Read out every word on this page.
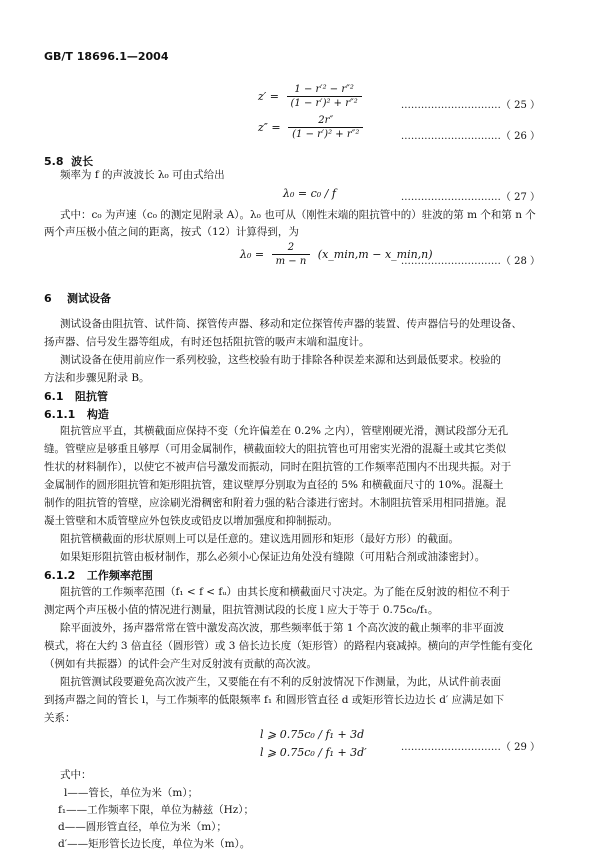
GB/T 18696.1—2004
$z' = \frac{\text{1 − r′² − r″²}}{\text{(1 − r′)² + r″²}}$	…………………………（ 25 ）
$z'' = \frac{2r''}{\text{(1 − r′)² + r″²}}$	…………………………（ 26 ）
5.8 波长
频率为 f 的声波波长 λ₀ 可由式给出
λ₀ = c₀ / f	…………………………（ 27 ）
式中：c₀ 为声速（c₀ 的测定见附录 A）。λ₀ 也可从（刚性末端的阻抗管中的）驻波的第 m 个和第 n 个
两个声压极小值之间的距离，按式（12）计算得到，为
$\lambda_0 = \frac{2}{m - n}$ (x_min,m − x_min,n)
…………………………（ 28 ）
6 测试设备
测试设备由阻抗管、试件筒、探管传声器、移动和定位探管传声器的装置、传声器信号的处理设备、
扬声器、信号发生器等组成，有时还包括阻抗管的吸声末端和温度计。
测试设备在使用前应作一系列校验，这些校验有助于排除各种误差来源和达到最低要求。校验的
方法和步骤见附录 B。
6.1 阻抗管
6.1.1 构造
阻抗管应平直，其横截面应保持不变（允许偏差在 0.2% 之内），管壁刚硬光滑，测试段部分无孔
缝。管壁应是够重且够厚（可用金属制作，横截面较大的阻抗管也可用密实光滑的混凝土或其它类似
性状的材料制作），以使它不被声信号激发而振动，同时在阻抗管的工作频率范围内不出现共振。对于
金属制作的圆形阻抗管和矩形阻抗管，建议壁厚分别取为直径的 5% 和横截面尺寸的 10%。混凝土
制作的阻抗管的管壁，应涂刷光滑稠密和附着力强的粘合漆进行密封。木制阻抗管采用相同措施。混
凝土管壁和木质管壁应外包铁皮或铅皮以增加强度和抑制振动。
阻抗管横截面的形状原则上可以是任意的。建议选用圆形和矩形（最好方形）的截面。
如果矩形阻抗管由板材制作，那么必须小心保证边角处没有缝隙（可用粘合剂或油漆密封）。
6.1.2 工作频率范围
阻抗管的工作频率范围（f₁ < f < fᵤ）由其长度和横截面尺寸决定。为了能在反射波的相位不利于
测定两个声压极小值的情况进行测量，阻抗管测试段的长度 l 应大于等于 0.75c₀/f₁。
除平面波外，扬声器常常在管中激发高次波，那些频率低于第 1 个高次波的截止频率的非平面波
模式，将在大约 3 倍直径（圆形管）或 3 倍长边长度（矩形管）的路程内衰减掉。横向的声学性能有变化
（例如有共振器）的试件会产生对反射波有贡献的高次波。
阻抗管测试段要避免高次波产生，又要能在有不利的反射波情况下作测量，为此，从试件前表面
到扬声器之间的管长 l，与工作频率的低限频率 f₁ 和圆形管直径 d 或矩形管长边边长 d′ 应满足如下
关系：
l ⩾ 0.75c₀ / f₁ + 3d
l ⩾ 0.75c₀ / f₁ + 3d′	…………………………（ 29 ）
式中：
l——管长，单位为米（m）；
f₁——工作频率下限，单位为赫兹（Hz）；
d——圆形管直径，单位为米（m）；
d′——矩形管长边长度，单位为米（m）。
